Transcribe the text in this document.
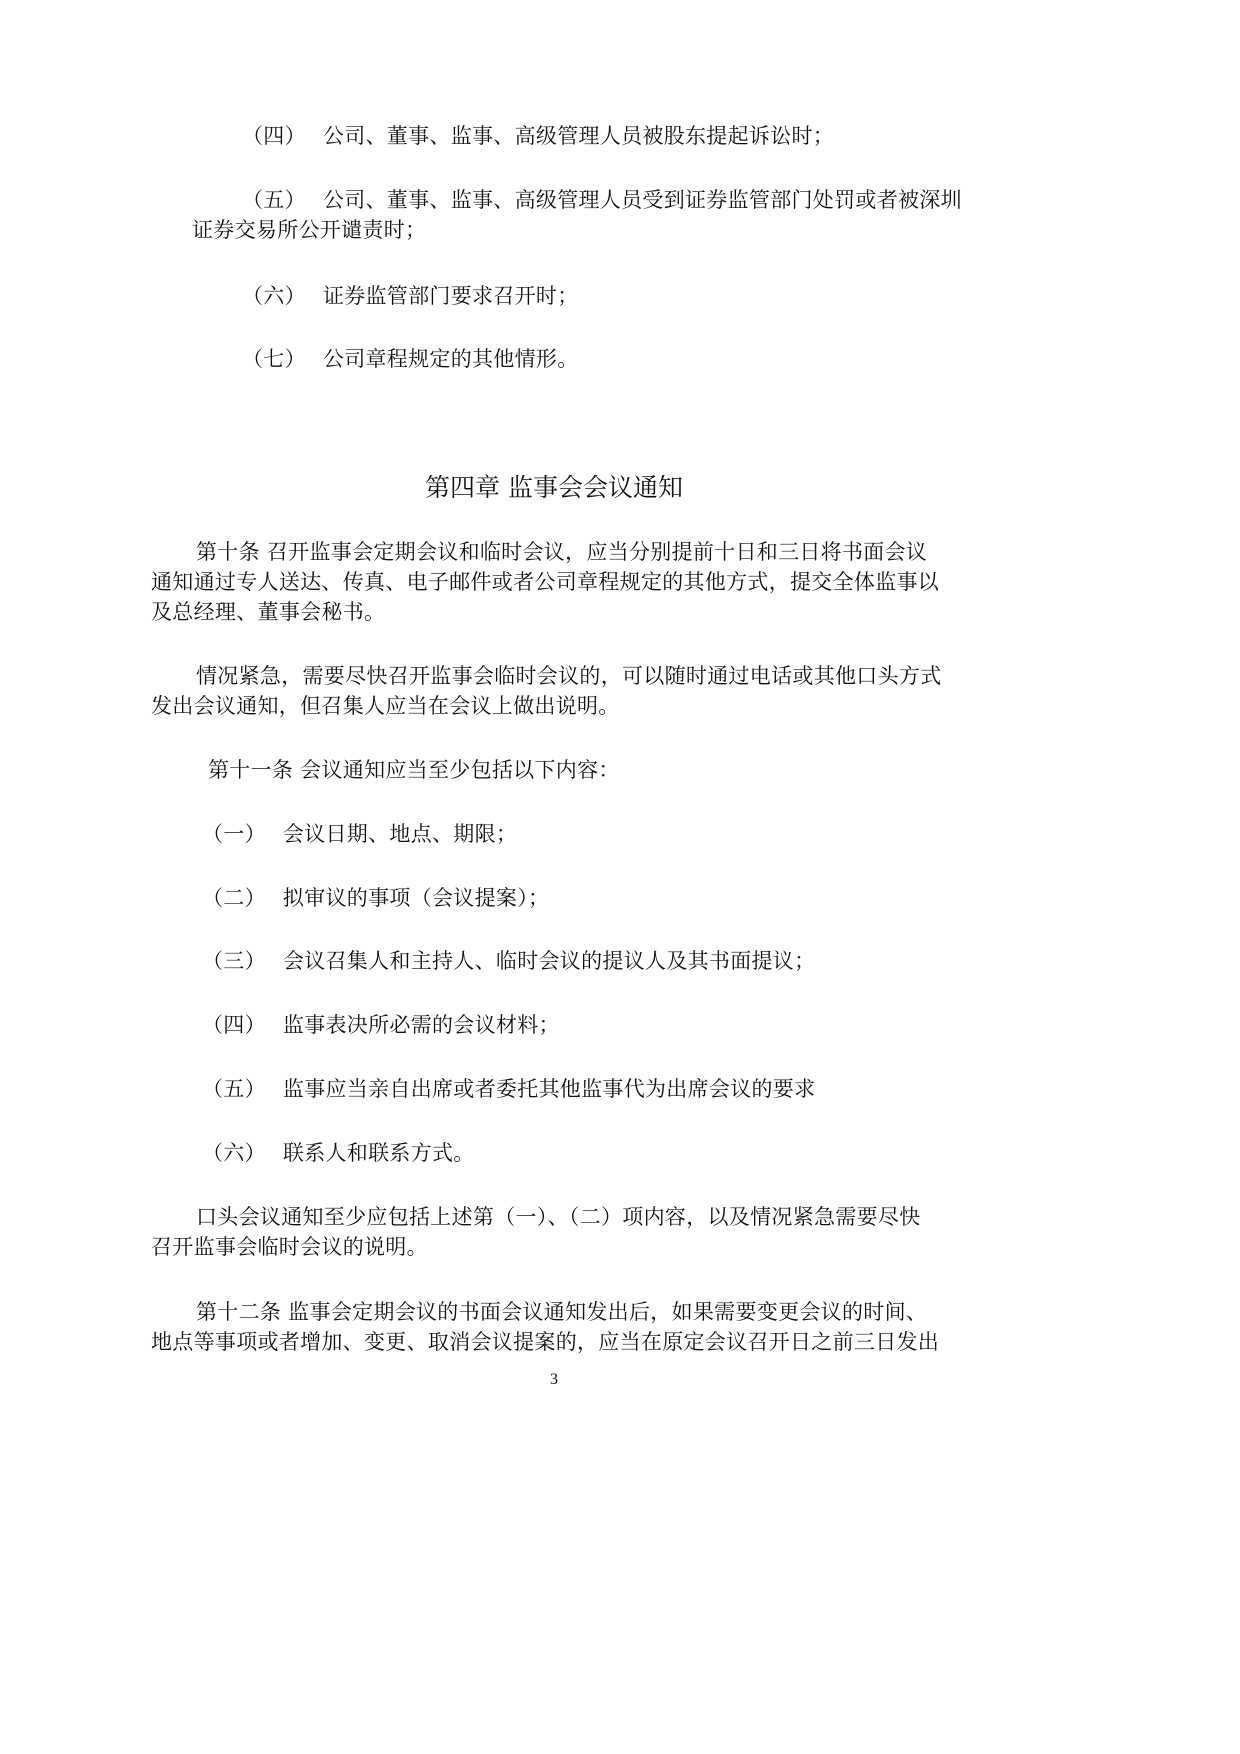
（四） 公司、董事、监事、高级管理人员被股东提起诉讼时；
（五） 公司、董事、监事、高级管理人员受到证券监管部门处罚或者被深圳
证券交易所公开谴责时；
（六） 证券监管部门要求召开时；
（七） 公司章程规定的其他情形。
第四章 监事会会议通知
第十条 召开监事会定期会议和临时会议，应当分别提前十日和三日将书面会议
通知通过专人送达、传真、电子邮件或者公司章程规定的其他方式，提交全体监事以
及总经理、董事会秘书。
情况紧急，需要尽快召开监事会临时会议的，可以随时通过电话或其他口头方式
发出会议通知，但召集人应当在会议上做出说明。
第十一条 会议通知应当至少包括以下内容：
（一） 会议日期、地点、期限；
（二） 拟审议的事项（会议提案）；
（三） 会议召集人和主持人、临时会议的提议人及其书面提议；
（四） 监事表决所必需的会议材料；
（五） 监事应当亲自出席或者委托其他监事代为出席会议的要求
（六） 联系人和联系方式。
口头会议通知至少应包括上述第（一）、（二）项内容，以及情况紧急需要尽快
召开监事会临时会议的说明。
第十二条 监事会定期会议的书面会议通知发出后，如果需要变更会议的时间、
地点等事项或者增加、变更、取消会议提案的，应当在原定会议召开日之前三日发出
3
